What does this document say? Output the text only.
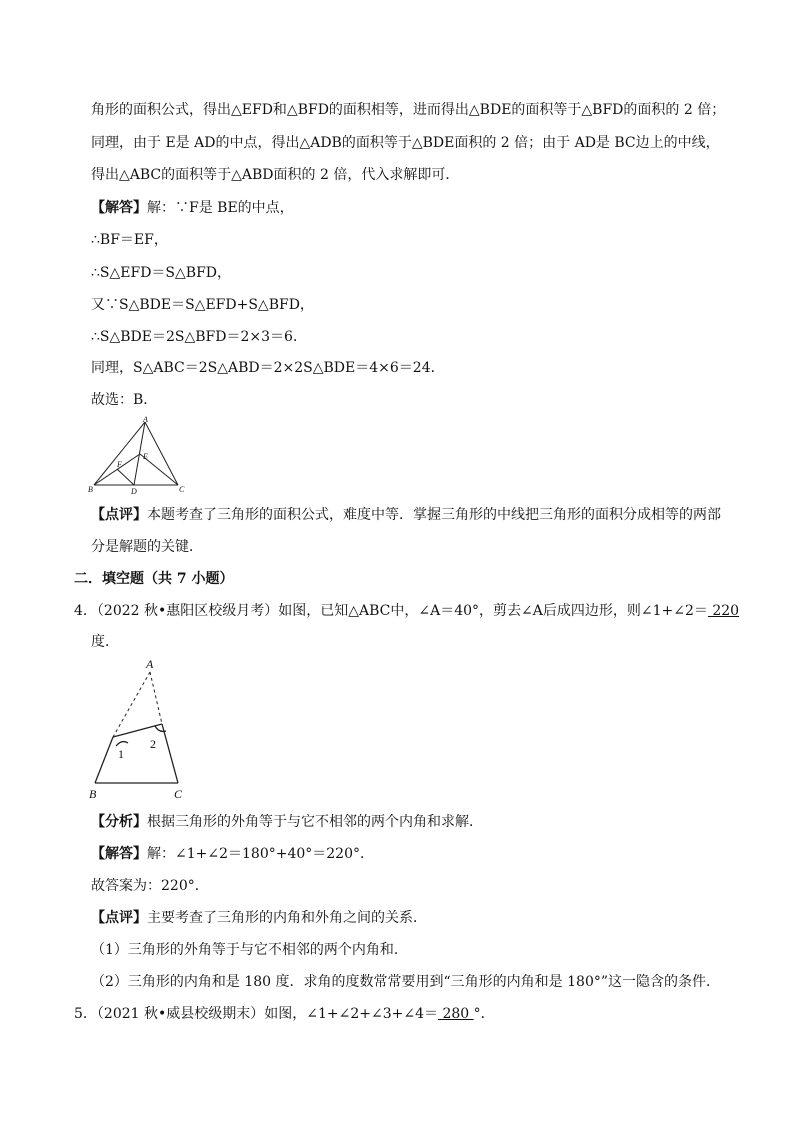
角形的面积公式，得出△EFD和△BFD的面积相等，进而得出△BDE的面积等于△BFD的面积的 2 倍；
同理，由于 E是 AD的中点，得出△ADB的面积等于△BDE面积的 2 倍；由于 AD是 BC边上的中线，
得出△ABC的面积等于△ABD面积的 2 倍，代入求解即可．
【解答】解：∵F是 BE的中点，
∴BF＝EF，
∴S△EFD＝S△BFD，
又∵S△BDE＝S△EFD+S△BFD，
∴S△BDE＝2S△BFD＝2×3＝6．
同理，S△ABC＝2S△ABD＝2×2S△BDE＝4×6＝24．
故选：B．
A
B	C
D
E
F
【点评】本题考查了三角形的面积公式，难度中等．掌握三角形的中线把三角形的面积分成相等的两部
分是解题的关键．
二．填空题（共 7 小题）
4．（2022 秋•惠阳区校级月考）如图，已知△ABC中，∠A＝40°，剪去∠A后成四边形，则∠1+∠2＝ 220
度．
A
B	C
1
2
【分析】根据三角形的外角等于与它不相邻的两个内角和求解．
【解答】解：∠1+∠2＝180°+40°＝220°．
故答案为：220°．
【点评】主要考查了三角形的内角和外角之间的关系．
（1）三角形的外角等于与它不相邻的两个内角和．
（2）三角形的内角和是 180 度．求角的度数常常要用到“三角形的内角和是 180°”这一隐含的条件．
5．（2021 秋•威县校级期末）如图，∠1+∠2+∠3+∠4＝ 280 °．
